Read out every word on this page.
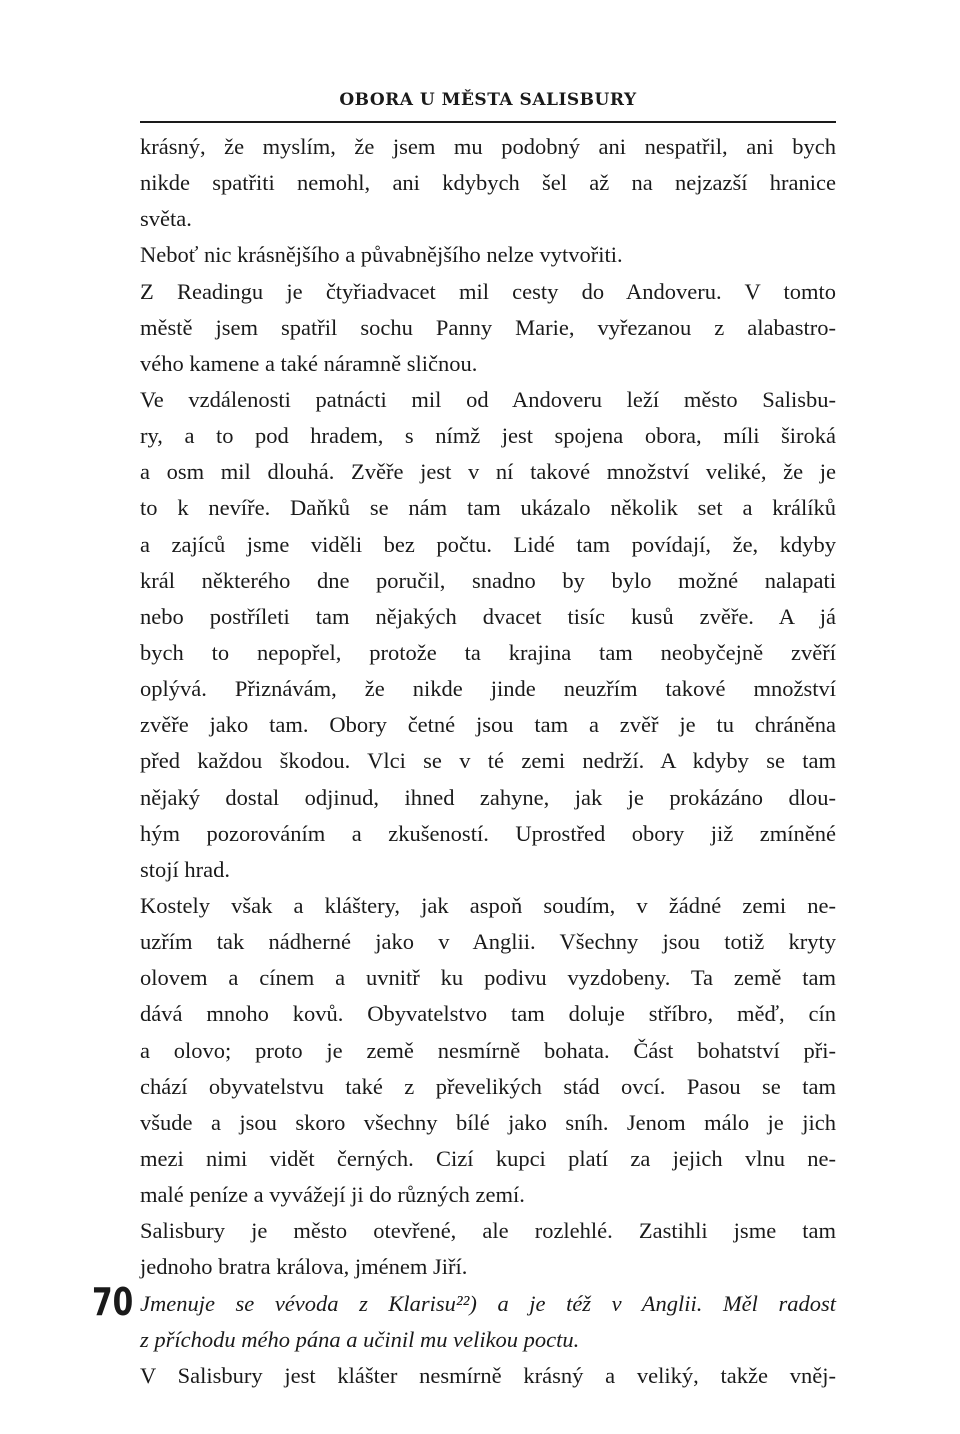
OBORA U MĚSTA SALISBURY
krásný, že myslím, že jsem mu podobný ani nespatřil, ani bych
nikde spatřiti nemohl, ani kdybych šel až na nejzazší hranice
světa.
Neboť nic krásnějšího a půvabnějšího nelze vytvořiti.
Z Readingu je čtyřiadvacet mil cesty do Andoveru. V tomto
městě jsem spatřil sochu Panny Marie, vyřezanou z alabastro-
vého kamene a také náramně sličnou.
Ve vzdálenosti patnácti mil od Andoveru leží město Salisbu-
ry, a to pod hradem, s nímž jest spojena obora, míli široká
a osm mil dlouhá. Zvěře jest v ní takové množství veliké, že je
to k nevíře. Daňků se nám tam ukázalo několik set a králíků
a zajíců jsme viděli bez počtu. Lidé tam povídají, že, kdyby
král některého dne poručil, snadno by bylo možné nalapati
nebo postříleti tam nějakých dvacet tisíc kusů zvěře. A já
bych to nepopřel, protože ta krajina tam neobyčejně zvěří
oplývá. Přiznávám, že nikde jinde neuzřím takové množství
zvěře jako tam. Obory četné jsou tam a zvěř je tu chráněna
před každou škodou. Vlci se v té zemi nedrží. A kdyby se tam
nějaký dostal odjinud, ihned zahyne, jak je prokázáno dlou-
hým pozorováním a zkušeností. Uprostřed obory již zmíněné
stojí hrad.
Kostely však a kláštery, jak aspoň soudím, v žádné zemi ne-
uzřím tak nádherné jako v Anglii. Všechny jsou totiž kryty
olovem a cínem a uvnitř ku podivu vyzdobeny. Ta země tam
dává mnoho kovů. Obyvatelstvo tam doluje stříbro, měď, cín
a olovo; proto je země nesmírně bohata. Část bohatství při-
chází obyvatelstvu také z převelikých stád ovcí. Pasou se tam
všude a jsou skoro všechny bílé jako sníh. Jenom málo je jich
mezi nimi vidět černých. Cizí kupci platí za jejich vlnu ne-
malé peníze a vyvážejí ji do různých zemí.
Salisbury je město otevřené, ale rozlehlé. Zastihli jsme tam
jednoho bratra králova, jménem Jiří.
Jmenuje se vévoda z Klarisu²²) a je též v Anglii. Měl radost
z příchodu mého pána a učinil mu velikou poctu.
V Salisbury jest klášter nesmírně krásný a veliký, takže vněj-
70
